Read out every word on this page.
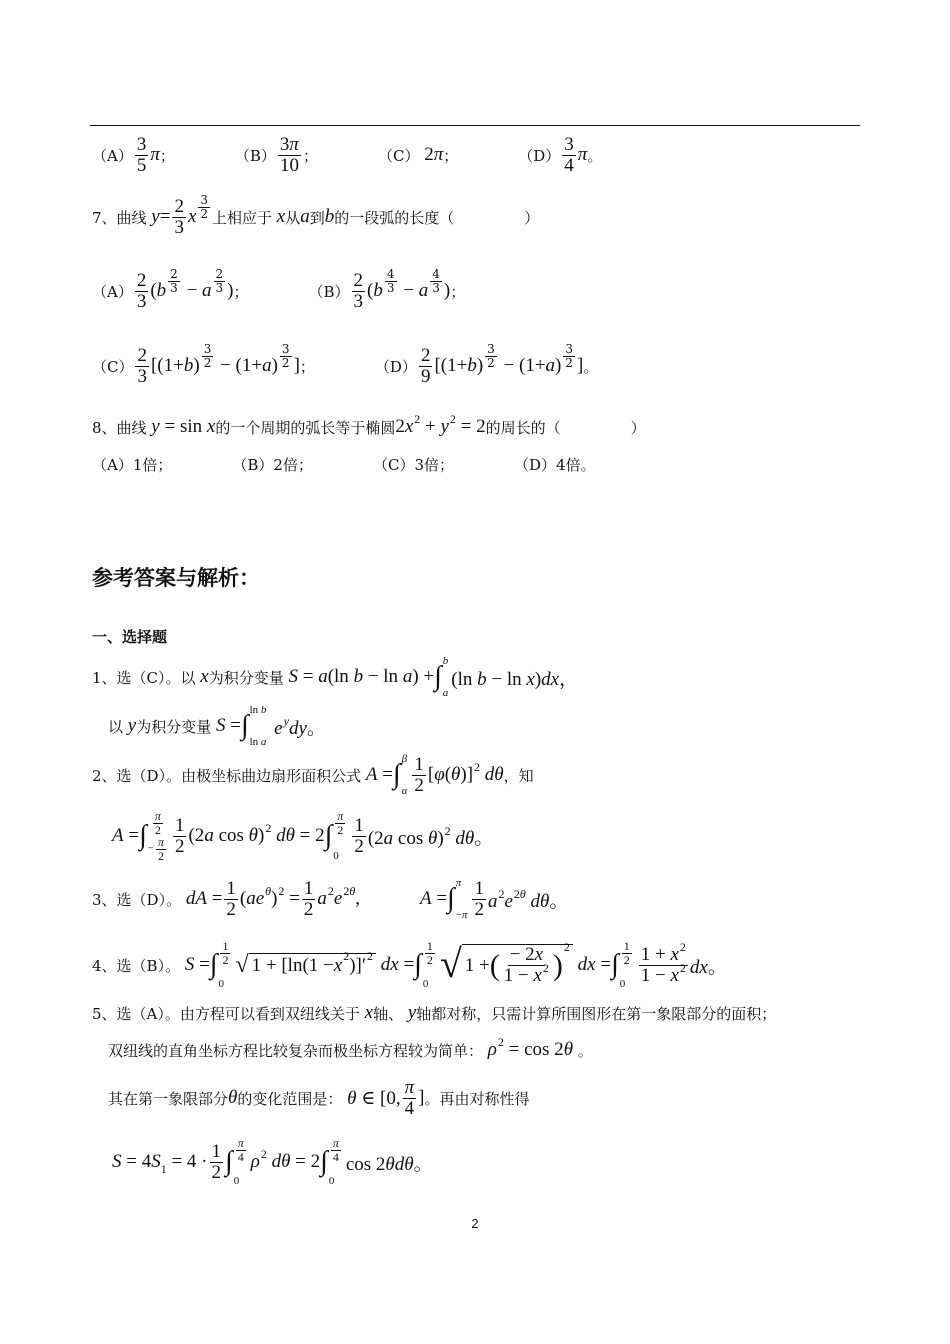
$(A) \frac{3}{5}$ π ；	$(B) \frac{3\pi}{10}$ ；	（C） 2π ；	$(D) \frac{3}{4}$ π 。
7、曲线 $y= \frac{2}{3}$ x $\frac{3}{2}$ 上相应于 x 从 a 到 b 的一段弧的长度（	）
$(A) \frac{2}{3} (b \frac{2}{3} - a \frac{2}{3}$ ) ；	$(B) \frac{2}{3} (b \frac{4}{3} - a \frac{4}{3}$ ) ；
$(C) \frac{2}{3} [(1+b) \frac{3}{2} - (1+a) \frac{3}{2}$ ] ；	$(D) \frac{2}{9} [(1+b) \frac{3}{2} - (1+a) \frac{3}{2}$ ] 。
8、曲线 y = sin x 的一个周期的弧长等于椭圆 $2x^2 + y^2 = 2$ 的周长的（	）
（A）1倍；	（B）2倍；	（C）3倍；	（D）4倍。
参考答案与解析：
一、选择题
1、选（C）。以 x 为积分变量 S = a(ln b − ln a) + ∫ b
a
(ln b − ln x)dx，
以 y 为积分变量 S = ∫ ln b
ln a
$e^ydy$。
2、选（D）。由极坐标曲边扇形面积公式 A = ∫ β
α $\frac{1}{2} [\varphi(\theta)]^2$ dθ ，知
A = ∫ $\frac{\pi}{2}$
− $\frac{\pi}{2} \frac{1}{2} (2a$ cos θ)$^2$ dθ = 2 ∫ $\frac{\pi}{2}$
$0 \frac{1}{2} (2a$ cos θ)$^2$ dθ。
3、选（D）。 dA = $\frac{1}{2} (ae^\theta)^2 = \frac{1}{2} a^2e^{2\theta}$,	A = ∫ π
$-\pi \frac{1}{2} a^2e^{2\theta}$ dθ。
4、选（B）。 S = ∫ $\frac{1}{2}$
0
√ 1 + [ln(1 − x 2 )]′ 2 dx = ∫ $\frac{1}{2}$
0 √ 1 + ( $\frac{- 2x}{1 - x^2}$ )
2
dx = ∫ $\frac{1}{2}$
$0 \frac{1 + x^2}{1 - x^2}$ dx。
5、选（A）。由方程可以看到双纽线关于 x 轴、 y 轴都对称，只需计算所围图形在第一象限部分的面积；
双纽线的直角坐标方程比较复杂而极坐标方程较为简单： $\rho^2 = \cos 2\theta$ 。
其在第一象限部分 θ 的变化范围是： θ ∈ [0, $\frac{\pi}{4}$ ] 。再由对称性得
$S = 4S_1 = 4 \cdot \frac{1}{2}$ ∫ $\frac{\pi}{4}$
0
$\rho^2$ dθ = 2 ∫ $\frac{\pi}{4}$
0
cos 2θdθ。
2
